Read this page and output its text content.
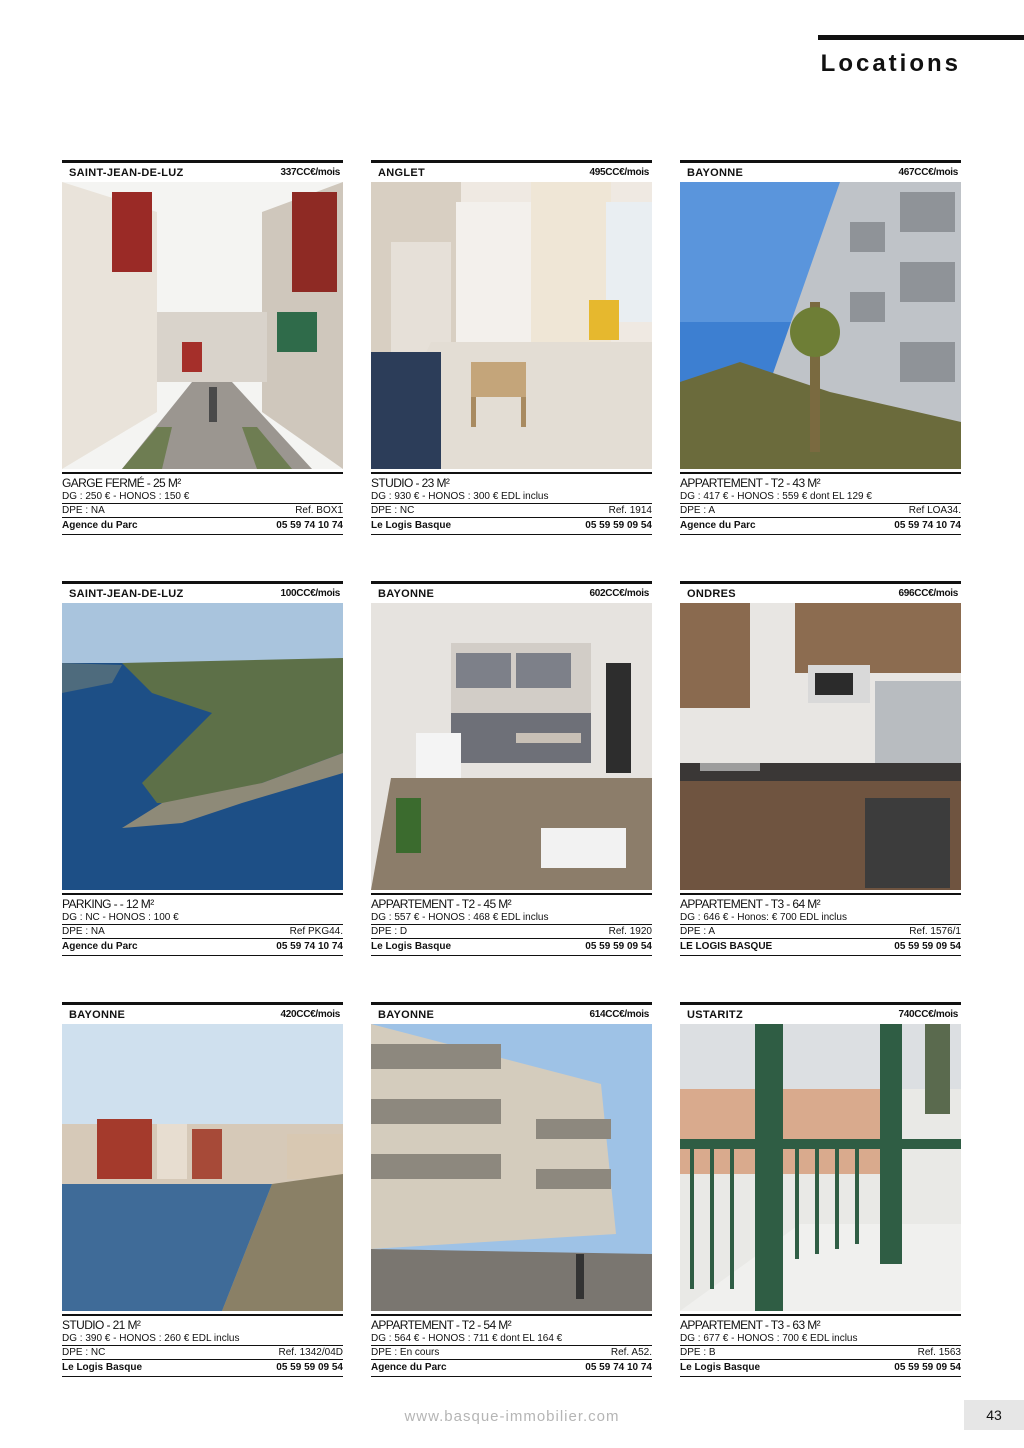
Locations
SAINT-JEAN-DE-LUZ	337CC€/mois
GARGE FERMÉ - 25 M²
DG : 250 € - HONOS : 150 €
DPE : NA	Ref. BOX1
Agence du Parc	05 59 74 10 74
ANGLET	495CC€/mois
STUDIO - 23 M²
DG : 930 € - HONOS : 300 € EDL inclus
DPE : NC	Ref. 1914
Le Logis Basque	05 59 59 09 54
BAYONNE	467CC€/mois
APPARTEMENT - T2 - 43 M²
DG : 417 € - HONOS : 559 € dont EL 129 €
DPE : A	Ref LOA34.
Agence du Parc	05 59 74 10 74
SAINT-JEAN-DE-LUZ	100CC€/mois
PARKING - - 12 M²
DG : NC - HONOS : 100 €
DPE : NA	Ref PKG44.
Agence du Parc	05 59 74 10 74
BAYONNE	602CC€/mois
APPARTEMENT - T2 - 45 M²
DG : 557 € - HONOS : 468 € EDL inclus
DPE : D	Ref. 1920
Le Logis Basque	05 59 59 09 54
ONDRES	696CC€/mois
APPARTEMENT - T3 - 64 M²
DG : 646 € - Honos: € 700 EDL inclus
DPE : A	Ref. 1576/1
LE LOGIS BASQUE	05 59 59 09 54
BAYONNE	420CC€/mois
STUDIO - 21 M²
DG : 390 € - HONOS : 260 € EDL inclus
DPE : NC	Ref. 1342/04D
Le Logis Basque	05 59 59 09 54
BAYONNE	614CC€/mois
APPARTEMENT - T2 - 54 M²
DG : 564 € - HONOS : 711 € dont EL 164 €
DPE : En cours	Ref. A52.
Agence du Parc	05 59 74 10 74
USTARITZ	740CC€/mois
APPARTEMENT - T3 - 63 M²
DG : 677 € - HONOS : 700 € EDL inclus
DPE : B	Ref. 1563
Le Logis Basque	05 59 59 09 54
www.basque-immobilier.com	43
